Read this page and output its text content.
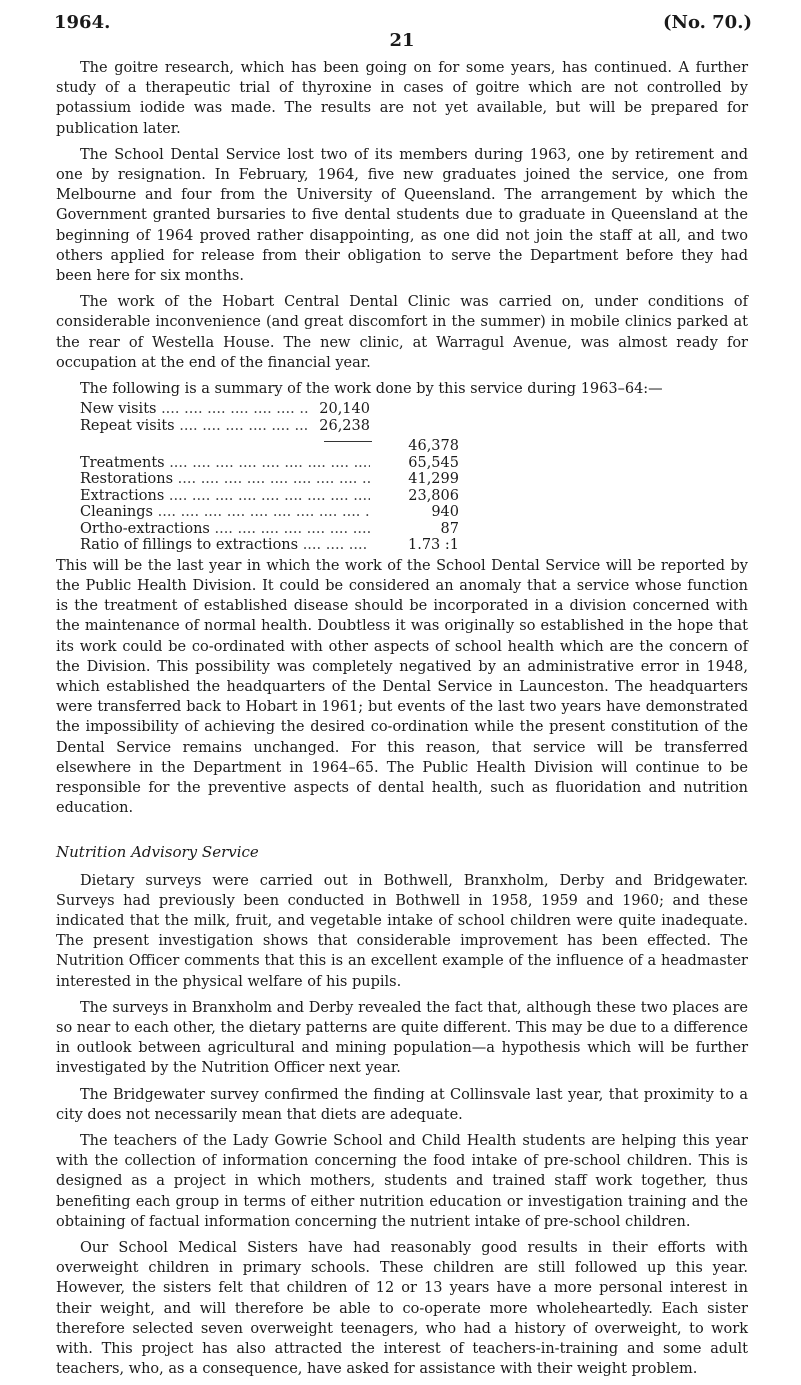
1964.
21
(No. 70.)

The goitre research, which has been going on for some years, has continued. A further study of a therapeutic trial of thyroxine in cases of goitre which are not controlled by potassium iodide was made. The results are not yet available, but will be prepared for publication later.

The School Dental Service lost two of its members during 1963, one by retirement and one by resignation. In February, 1964, five new graduates joined the service, one from Melbourne and four from the University of Queensland. The arrangement by which the Government granted bursaries to five dental students due to graduate in Queensland at the beginning of 1964 proved rather disappointing, as one did not join the staff at all, and two others applied for release from their obligation to serve the Department before they had been here for six months.

The work of the Hobart Central Dental Clinic was carried on, under conditions of considerable inconvenience (and great discomfort in the summer) in mobile clinics parked at the rear of Westella House. The new clinic, at Warragul Avenue, was almost ready for occupation at the end of the financial year.

The following is a summary of the work done by this service during 1963–64:—

New visits ....	20,140
Repeat visits ....	26,238
46,378
Treatments ....	65,545
Restorations ....	41,299
Extractions ....	23,806
Cleanings ....	940
Ortho-extractions ....	87
Ratio of fillings to extractions ....	1.73 :1

This will be the last year in which the work of the School Dental Service will be reported by the Public Health Division. It could be considered an anomaly that a service whose function is the treatment of established disease should be incorporated in a division concerned with the maintenance of normal health. Doubtless it was originally so established in the hope that its work could be co-ordinated with other aspects of school health which are the concern of the Division. This possibility was completely negatived by an administrative error in 1948, which established the headquarters of the Dental Service in Launceston. The headquarters were transferred back to Hobart in 1961; but events of the last two years have demonstrated the impossibility of achieving the desired co-ordination while the present constitution of the Dental Service remains unchanged. For this reason, that service will be transferred elsewhere in the Department in 1964–65. The Public Health Division will continue to be responsible for the preventive aspects of dental health, such as fluoridation and nutrition education.

Nutrition Advisory Service

Dietary surveys were carried out in Bothwell, Branxholm, Derby and Bridgewater. Surveys had previously been conducted in Bothwell in 1958, 1959 and 1960; and these indicated that the milk, fruit, and vegetable intake of school children were quite inadequate. The present investigation shows that considerable improvement has been effected. The Nutrition Officer comments that this is an excellent example of the influence of a headmaster interested in the physical welfare of his pupils.

The surveys in Branxholm and Derby revealed the fact that, although these two places are so near to each other, the dietary patterns are quite different. This may be due to a difference in outlook between agricultural and mining population—a hypothesis which will be further investigated by the Nutrition Officer next year.

The Bridgewater survey confirmed the finding at Collinsvale last year, that proximity to a city does not necessarily mean that diets are adequate.

The teachers of the Lady Gowrie School and Child Health students are helping this year with the collection of information concerning the food intake of pre-school children. This is designed as a project in which mothers, students and trained staff work together, thus benefiting each group in terms of either nutrition education or investigation training and the obtaining of factual information concerning the nutrient intake of pre-school children.

Our School Medical Sisters have had reasonably good results in their efforts with overweight children in primary schools. These children are still followed up this year. However, the sisters felt that children of 12 or 13 years have a more personal interest in their weight, and will therefore be able to co-operate more wholeheartedly. Each sister therefore selected seven overweight teenagers, who had a history of overweight, to work with. This project has also attracted the interest of teachers-in-training and some adult teachers, who, as a consequence, have asked for assistance with their weight problem.
